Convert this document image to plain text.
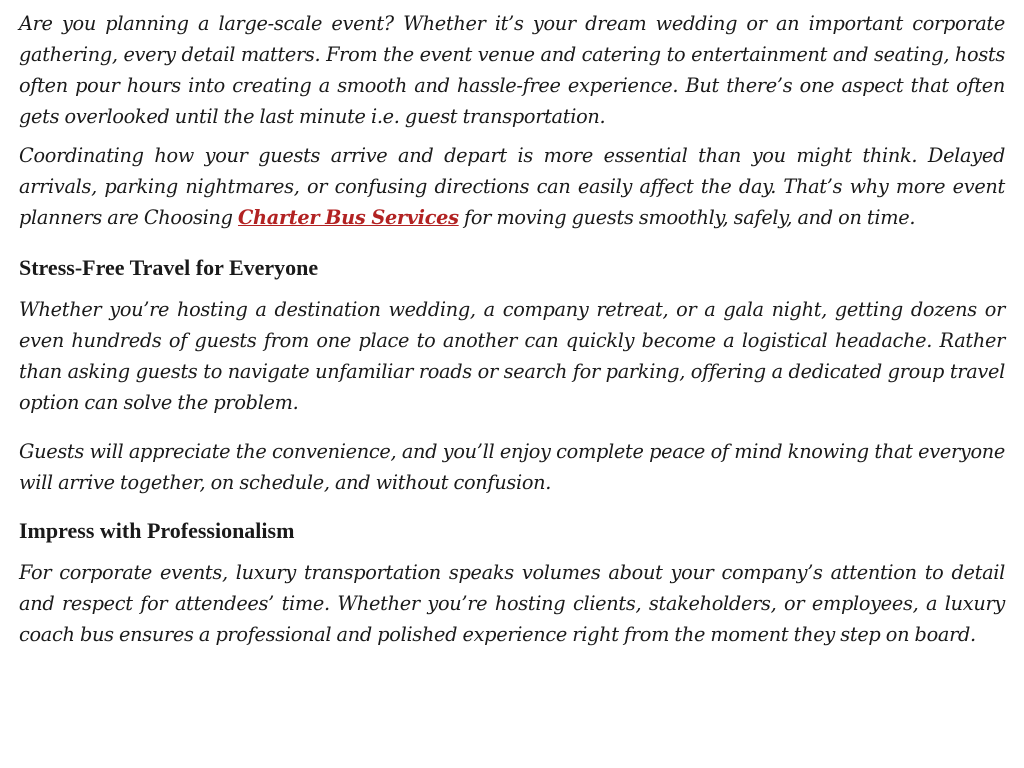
Are you planning a large-scale event? Whether it’s your dream wedding or an important corporate gathering, every detail matters. From the event venue and catering to entertainment and seating, hosts often pour hours into creating a smooth and hassle-free experience. But there’s one aspect that often gets overlooked until the last minute i.e. guest transportation.

Coordinating how your guests arrive and depart is more essential than you might think. Delayed arrivals, parking nightmares, or confusing directions can easily affect the day. That’s why more event planners are Choosing Charter Bus Services for moving guests smoothly, safely, and on time.

Stress-Free Travel for Everyone

Whether you’re hosting a destination wedding, a company retreat, or a gala night, getting dozens or even hundreds of guests from one place to another can quickly become a logistical headache. Rather than asking guests to navigate unfamiliar roads or search for parking, offering a dedicated group travel option can solve the problem.

Guests will appreciate the convenience, and you’ll enjoy complete peace of mind knowing that everyone will arrive together, on schedule, and without confusion.

Impress with Professionalism

For corporate events, luxury transportation speaks volumes about your company’s attention to detail and respect for attendees’ time. Whether you’re hosting clients, stakeholders, or employees, a luxury coach bus ensures a professional and polished experience right from the moment they step on board.
